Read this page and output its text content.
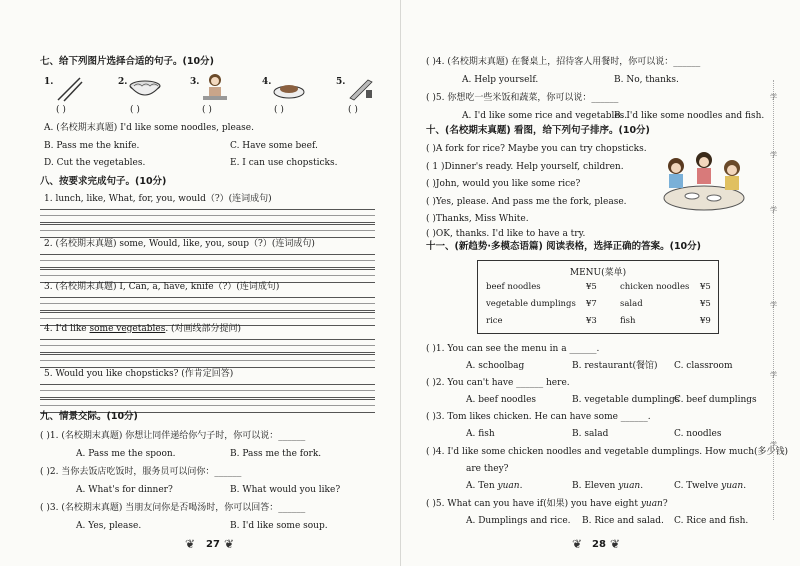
七、给下列图片选择合适的句子。(10分)
1.	2.	3.	4.	5.
( )	( )	( )	( )	( )
A. (名校期末真题) I'd like some noodles, please.
B. Pass me the knife.	C. Have some beef.
D. Cut the vegetables.	E. I can use chopsticks.
八、按要求完成句子。(10分)
1. lunch, like, What, for, you, would（?）(连词成句)
2. (名校期末真题) some, Would, like, you, soup（?）(连词成句)
3. (名校期末真题) I, Can, a, have, knife（?）(连词成句)
4. I'd like some vegetables. (对画线部分提问)
5. Would you like chopsticks? (作肯定回答)
九、情景交际。(10分)
( )1. (名校期末真题) 你想让同伴递给你勺子时，你可以说：______
A. Pass me the spoon.	B. Pass me the fork.
( )2. 当你去饭店吃饭时，服务员可以问你：______
A. What's for dinner?	B. What would you like?
( )3. (名校期末真题) 当朋友问你是否喝汤时，你可以回答：______
A. Yes, please.	B. I'd like some soup.
❦ 27 ❦
( )4. (名校期末真题) 在餐桌上，招待客人用餐时，你可以说：______
A. Help yourself.	B. No, thanks.
( )5. 你想吃一些米饭和蔬菜，你可以说：______
A. I'd like some rice and vegetables.
B. I'd like some noodles and fish.
十、(名校期末真题) 看图，给下列句子排序。(10分)
( )A fork for rice? Maybe you can try chopsticks.
( 1 )Dinner's ready. Help yourself, children.
( )John, would you like some rice?
( )Yes, please. And pass me the fork, please.
( )Thanks, Miss White.
( )OK, thanks. I'd like to have a try.
十一、(新趋势·多模态语篇) 阅读表格，选择正确的答案。(10分)
MENU(菜单)
beef noodles	¥5	chicken noodles ¥5
vegetable dumplings ¥7	salad	¥5
rice	¥3	fish	¥9
( )1. You can see the menu in a ______.
A. schoolbag	B. restaurant(餐馆) C. classroom
( )2. You can't have ______ here.
A. beef noodles	B. vegetable dumplings
C. beef dumplings
( )3. Tom likes chicken. He can have some ______.
A. fish	B. salad	C. noodles
( )4. I'd like some chicken noodles and vegetable dumplings. How much(多少钱)
are they?
A. Ten yuan.	B. Eleven yuan.	C. Twelve yuan.
( )5. What can you have if(如果) you have eight yuan?
A. Dumplings and rice. B. Rice and salad. C. Rice and fish.
❦ 28 ❦
学
学
学
学
学
学
